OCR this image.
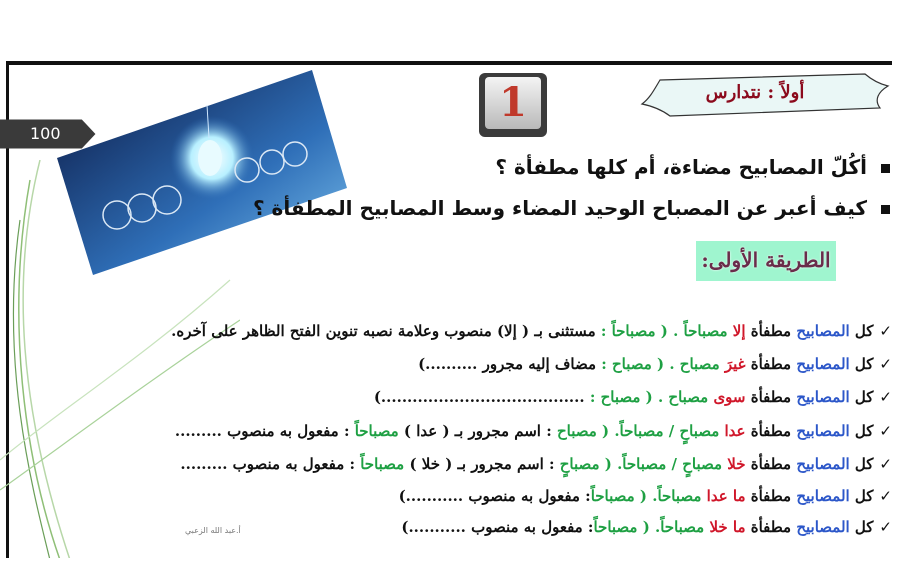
100
1	أولاً : نتدارس
أكُلّ المصابيح مضاءة، أم كلها مطفأة ؟
كيف أعبر عن المصباح الوحيد المضاء وسط المصابيح المطفأة ؟
الطريقة الأولى:
✓كل المصابيح مطفأة إلا مصباحاً . ( مصباحاً : مستثنى بـ ( إلا) منصوب وعلامة نصبه تنوين الفتح الظاهر على آخره.
✓كل المصابيح مطفأة غيرَ مصباح . ( مصباح : مضاف إليه مجرور ..........)
✓كل المصابيح مطفأة سوى مصباح . ( مصباح : .......................................)
✓كل المصابيح مطفأة عدا مصباحٍ / مصباحاً. ( مصباح : اسم مجرور بـ ( عدا ) مصباحاً : مفعول به منصوب .........
✓كل المصابيح مطفأة خلا مصباحٍ / مصباحاً. ( مصباحٍ : اسم مجرور بـ ( خلا ) مصباحاً : مفعول به منصوب .........
✓كل المصابيح مطفأة ما عدا مصباحاً. ( مصباحاً: مفعول به منصوب ...........)
✓كل المصابيح مطفأة ما خلا مصباحاً. ( مصباحاً: مفعول به منصوب ...........)
أ.عبد الله الزعبي
